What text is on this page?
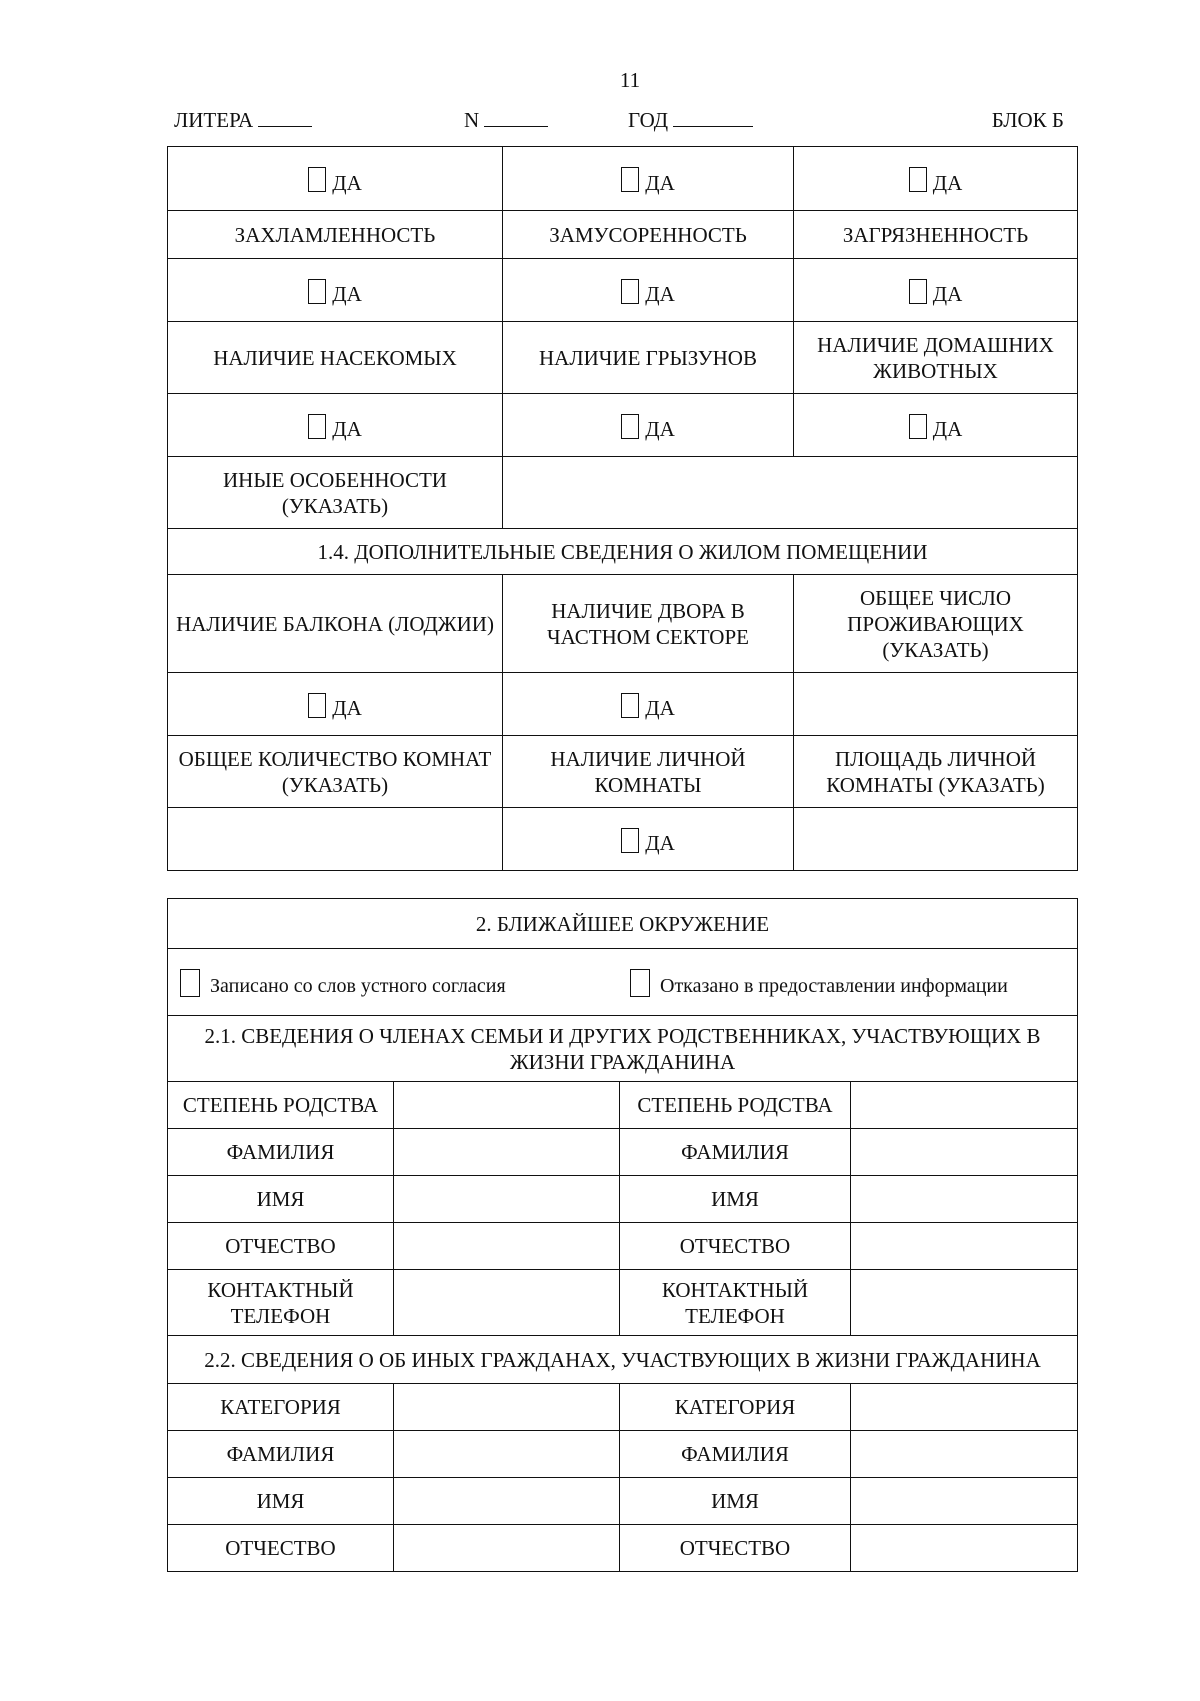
11
ЛИТЕРА	N	ГОД	БЛОК Б
ДА	ДА	ДА
ЗАХЛАМЛЕННОСТЬ	ЗАМУСОРЕННОСТЬ	ЗАГРЯЗНЕННОСТЬ
ДА	ДА	ДА
НАЛИЧИЕ НАСЕКОМЫХ	НАЛИЧИЕ ГРЫЗУНОВ	НАЛИЧИЕ ДОМАШНИХ ЖИВОТНЫХ
ДА	ДА	ДА
ИНЫЕ ОСОБЕННОСТИ (УКАЗАТЬ)		
1.4. ДОПОЛНИТЕЛЬНЫЕ СВЕДЕНИЯ О ЖИЛОМ ПОМЕЩЕНИИ		
НАЛИЧИЕ БАЛКОНА (ЛОДЖИИ)	НАЛИЧИЕ ДВОРА В ЧАСТНОМ СЕКТОРЕ	ОБЩЕЕ ЧИСЛО ПРОЖИВАЮЩИХ (УКАЗАТЬ)
ДА	ДА	
ОБЩЕЕ КОЛИЧЕСТВО КОМНАТ (УКАЗАТЬ)	НАЛИЧИЕ ЛИЧНОЙ КОМНАТЫ	ПЛОЩАДЬ ЛИЧНОЙ КОМНАТЫ (УКАЗАТЬ)
	ДА	
2. БЛИЖАЙШЕЕ ОКРУЖЕНИЕ			
Записано со слов устного согласия Отказано в предоставлении информации			
2.1. СВЕДЕНИЯ О ЧЛЕНАХ СЕМЬИ И ДРУГИХ РОДСТВЕННИКАХ, УЧАСТВУЮЩИХ В ЖИЗНИ ГРАЖДАНИНА			
СТЕПЕНЬ РОДСТВА		СТЕПЕНЬ РОДСТВА	
ФАМИЛИЯ		ФАМИЛИЯ	
ИМЯ		ИМЯ	
ОТЧЕСТВО		ОТЧЕСТВО	
КОНТАКТНЫЙ ТЕЛЕФОН		КОНТАКТНЫЙ ТЕЛЕФОН	
2.2. СВЕДЕНИЯ О ОБ ИНЫХ ГРАЖДАНАХ, УЧАСТВУЮЩИХ В ЖИЗНИ ГРАЖДАНИНА			
КАТЕГОРИЯ		КАТЕГОРИЯ	
ФАМИЛИЯ		ФАМИЛИЯ	
ИМЯ		ИМЯ	
ОТЧЕСТВО		ОТЧЕСТВО	
